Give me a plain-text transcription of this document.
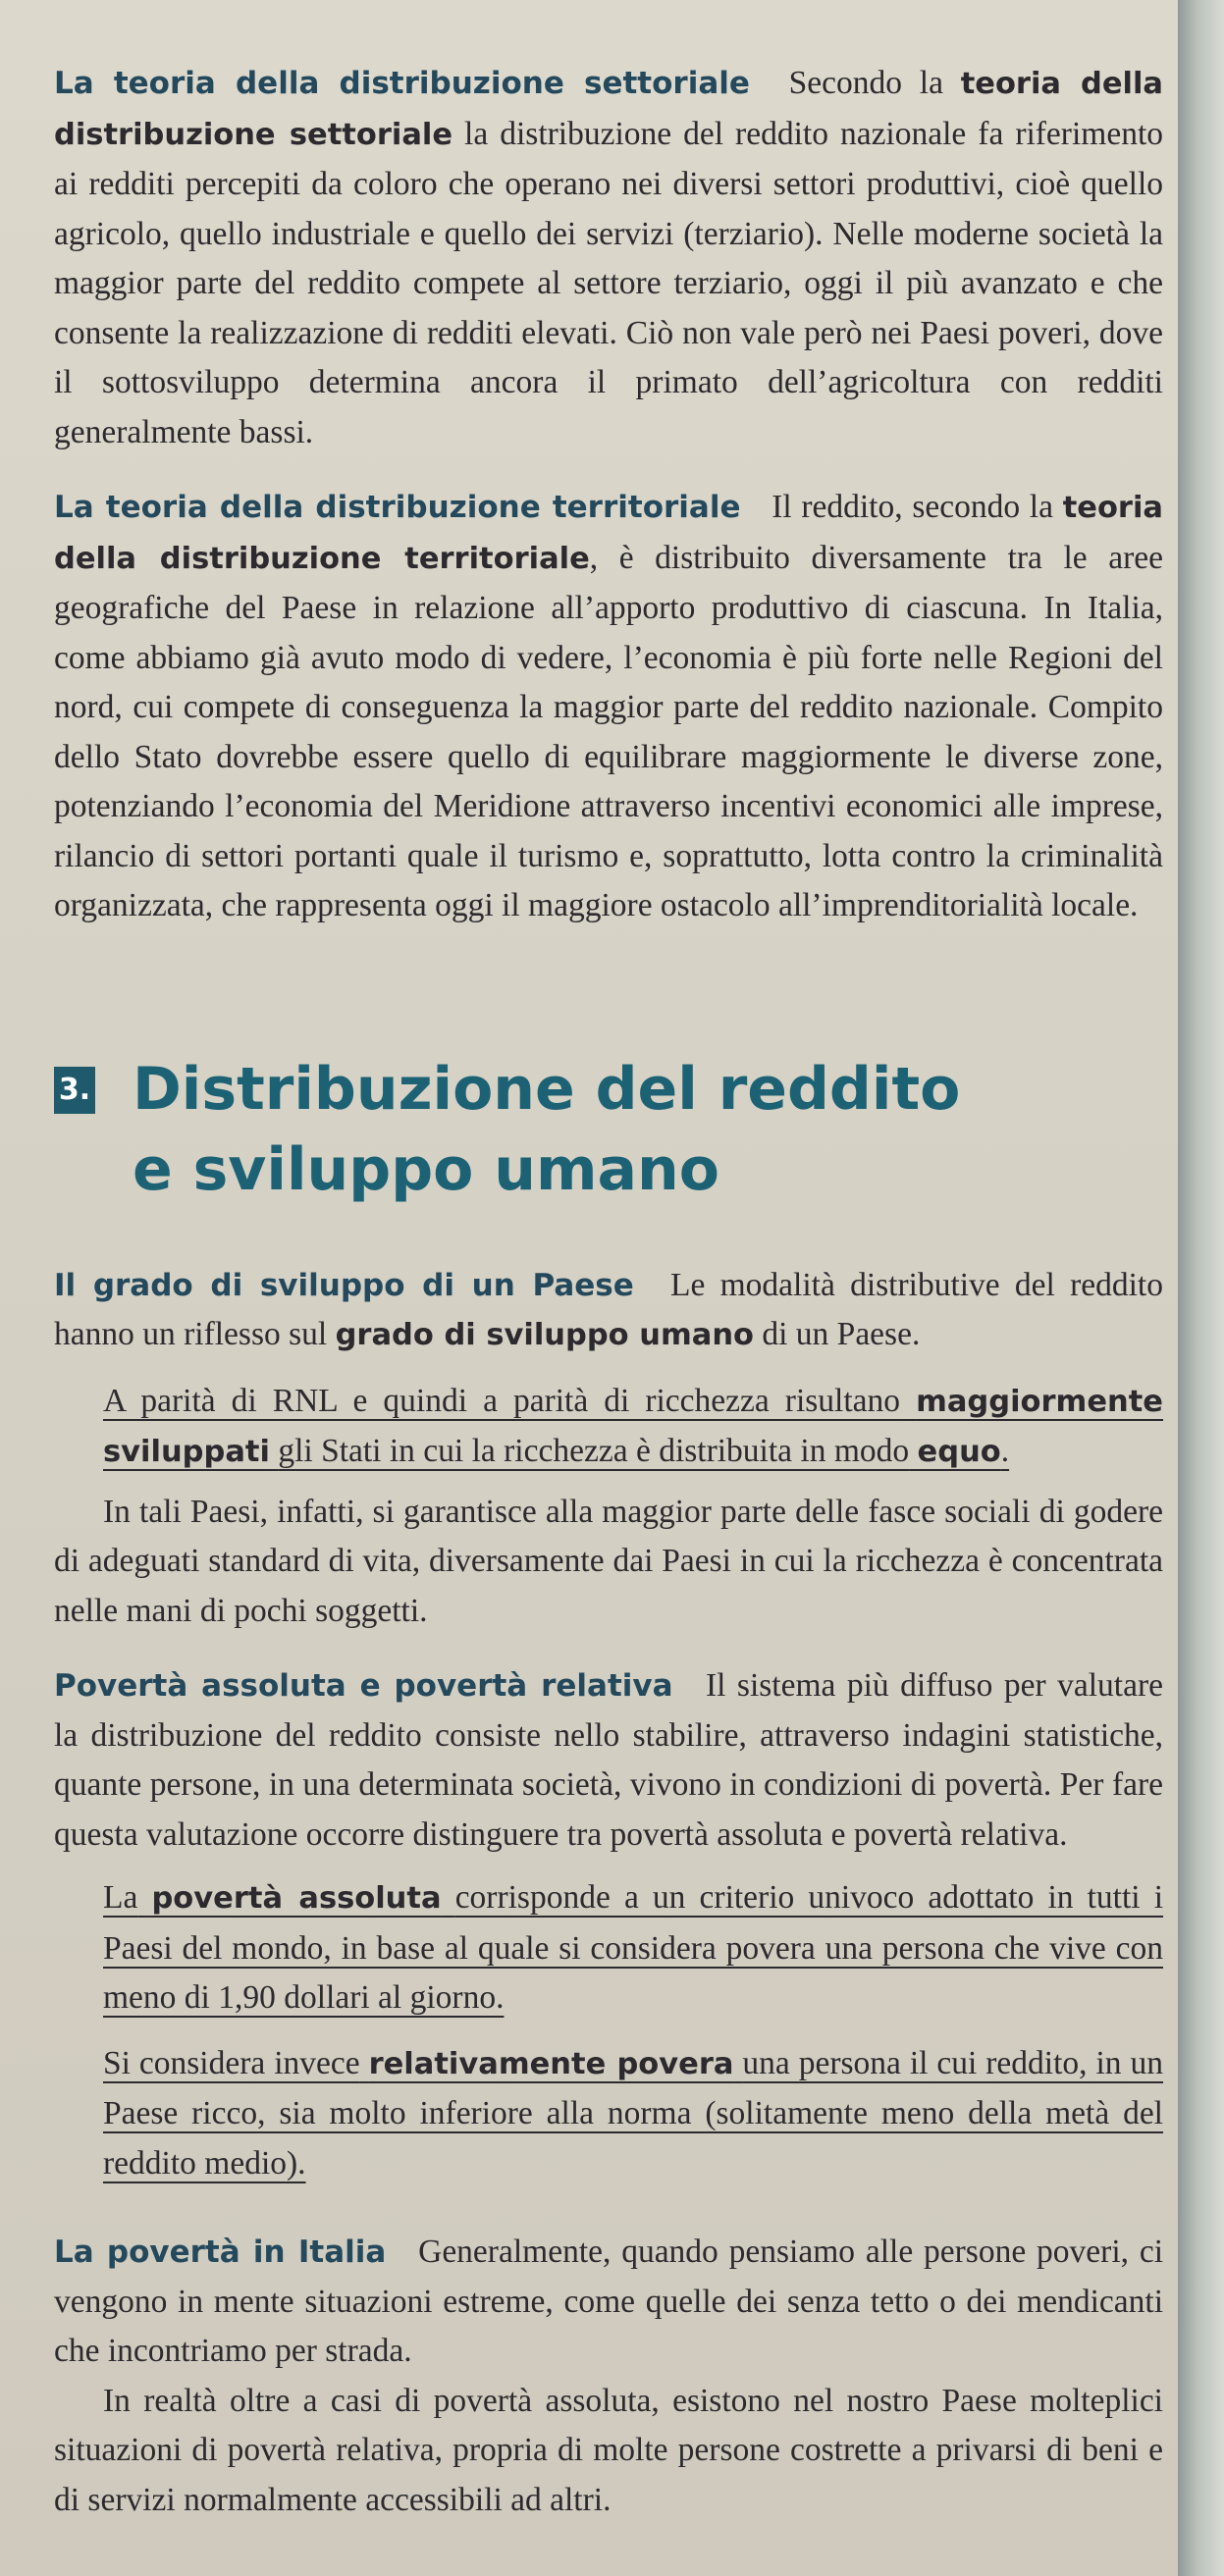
La teoria della distribuzione settoriale Secondo la teoria della distribuzione settoriale la distribuzione del reddito nazionale fa riferimento ai redditi percepiti da coloro che operano nei diversi settori produttivi, cioè quello agricolo, quello industriale e quello dei servizi (terziario). Nelle moderne società la maggior parte del reddito compete al settore terziario, oggi il più avanzato e che consente la realizzazione di redditi elevati. Ciò non vale però nei Paesi poveri, dove il sottosviluppo determina ancora il primato dell’agricoltura con redditi generalmente bassi.

La teoria della distribuzione territoriale Il reddito, secondo la teoria della distribuzione territoriale, è distribuito diversamente tra le aree geografiche del Paese in relazione all’apporto produttivo di ciascuna. In Italia, come abbiamo già avuto modo di vedere, l’economia è più forte nelle Regioni del nord, cui compete di conseguenza la maggior parte del reddito nazionale. Compito dello Stato dovrebbe essere quello di equilibrare maggiormente le diverse zone, potenziando l’economia del Meridione attraverso incentivi economici alle imprese, rilancio di settori portanti quale il turismo e, soprattutto, lotta contro la criminalità organizzata, che rappresenta oggi il maggiore ostacolo all’imprenditorialità locale.

3. Distribuzione del reddito
e sviluppo umano

Il grado di sviluppo di un Paese Le modalità distributive del reddito hanno un riflesso sul grado di sviluppo umano di un Paese.

A parità di RNL e quindi a parità di ricchezza risultano maggiormente sviluppati gli Stati in cui la ricchezza è distribuita in modo equo.

In tali Paesi, infatti, si garantisce alla maggior parte delle fasce sociali di godere di adeguati standard di vita, diversamente dai Paesi in cui la ricchezza è concentrata nelle mani di pochi soggetti.

Povertà assoluta e povertà relativa Il sistema più diffuso per valutare la distribuzione del reddito consiste nello stabilire, attraverso indagini statistiche, quante persone, in una determinata società, vivono in condizioni di povertà. Per fare questa valutazione occorre distinguere tra povertà assoluta e povertà relativa.

La povertà assoluta corrisponde a un criterio univoco adottato in tutti i Paesi del mondo, in base al quale si considera povera una persona che vive con meno di 1,90 dollari al giorno.

Si considera invece relativamente povera una persona il cui reddito, in un Paese ricco, sia molto inferiore alla norma (solitamente meno della metà del reddito medio).

La povertà in Italia Generalmente, quando pensiamo alle persone poveri, ci vengono in mente situazioni estreme, come quelle dei senza tetto o dei mendicanti che incontriamo per strada.

In realtà oltre a casi di povertà assoluta, esistono nel nostro Paese molteplici situazioni di povertà relativa, propria di molte persone costrette a privarsi di beni e di servizi normalmente accessibili ad altri.
